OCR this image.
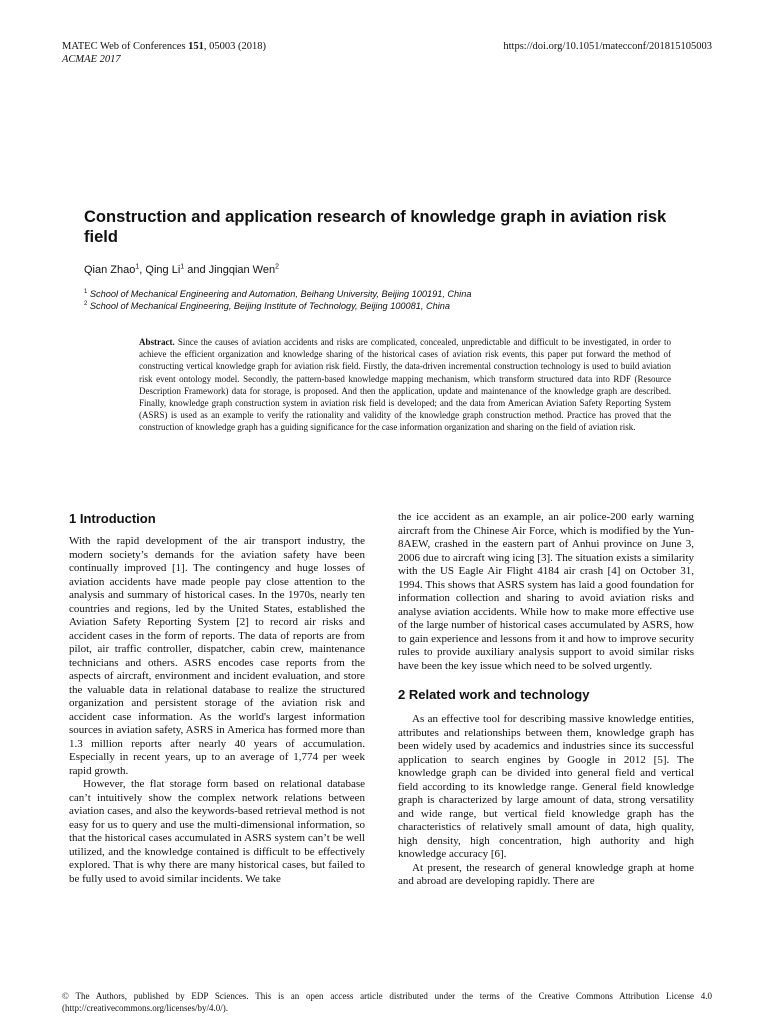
MATEC Web of Conferences 151, 05003 (2018)
ACMAE 2017
https://doi.org/10.1051/matecconf/201815105003
Construction and application research of knowledge graph in aviation risk field
Qian Zhao$^1$, Qing Li$^1$ and Jingqian Wen$^2$
$^1$ School of Mechanical Engineering and Automation, Beihang University, Beijing 100191, China
$^2$ School of Mechanical Engineering, Beijing Institute of Technology, Beijing 100081, China
Abstract. Since the causes of aviation accidents and risks are complicated, concealed, unpredictable and difficult to be investigated, in order to achieve the efficient organization and knowledge sharing of the historical cases of aviation risk events, this paper put forward the method of constructing vertical knowledge graph for aviation risk field. Firstly, the data-driven incremental construction technology is used to build aviation risk event ontology model. Secondly, the pattern-based knowledge mapping mechanism, which transform structured data into RDF (Resource Description Framework) data for storage, is proposed. And then the application, update and maintenance of the knowledge graph are described. Finally, knowledge graph construction system in aviation risk field is developed; and the data from American Aviation Safety Reporting System (ASRS) is used as an example to verify the rationality and validity of the knowledge graph construction method. Practice has proved that the construction of knowledge graph has a guiding significance for the case information organization and sharing on the field of aviation risk.
1 Introduction

With the rapid development of the air transport industry, the modern society’s demands for the aviation safety have been continually improved [1]. The contingency and huge losses of aviation accidents have made people pay close attention to the analysis and summary of historical cases. In the 1970s, nearly ten countries and regions, led by the United States, established the Aviation Safety Reporting System [2] to record air risks and accident cases in the form of reports. The data of reports are from pilot, air traffic controller, dispatcher, cabin crew, maintenance technicians and others. ASRS encodes case reports from the aspects of aircraft, environment and incident evaluation, and store the valuable data in relational database to realize the structured organization and persistent storage of the aviation risk and accident case information. As the world's largest information sources in aviation safety, ASRS in America has formed more than 1.3 million reports after nearly 40 years of accumulation. Especially in recent years, up to an average of 1,774 per week rapid growth.

However, the flat storage form based on relational database can’t intuitively show the complex network relations between aviation cases, and also the keywords-based retrieval method is not easy for us to query and use the multi-dimensional information, so that the historical cases accumulated in ASRS system can’t be well utilized, and the knowledge contained is difficult to be effectively explored. That is why there are many historical cases, but failed to be fully used to avoid similar incidents. We take

the ice accident as an example, an air police-200 early warning aircraft from the Chinese Air Force, which is modified by the Yun-8AEW, crashed in the eastern part of Anhui province on June 3, 2006 due to aircraft wing icing [3]. The situation exists a similarity with the US Eagle Air Flight 4184 air crash [4] on October 31, 1994. This shows that ASRS system has laid a good foundation for information collection and sharing to avoid aviation risks and analyse aviation accidents. While how to make more effective use of the large number of historical cases accumulated by ASRS, how to gain experience and lessons from it and how to improve security rules to provide auxiliary analysis support to avoid similar risks have been the key issue which need to be solved urgently.

2 Related work and technology

As an effective tool for describing massive knowledge entities, attributes and relationships between them, knowledge graph has been widely used by academics and industries since its successful application to search engines by Google in 2012 [5]. The knowledge graph can be divided into general field and vertical field according to its knowledge range. General field knowledge graph is characterized by large amount of data, strong versatility and wide range, but vertical field knowledge graph has the characteristics of relatively small amount of data, high quality, high density, high concentration, high authority and high knowledge accuracy [6].

At present, the research of general knowledge graph at home and abroad are developing rapidly. There are

© The Authors, published by EDP Sciences. This is an open access article distributed under the terms of the Creative Commons Attribution License 4.0 (http://creativecommons.org/licenses/by/4.0/).
